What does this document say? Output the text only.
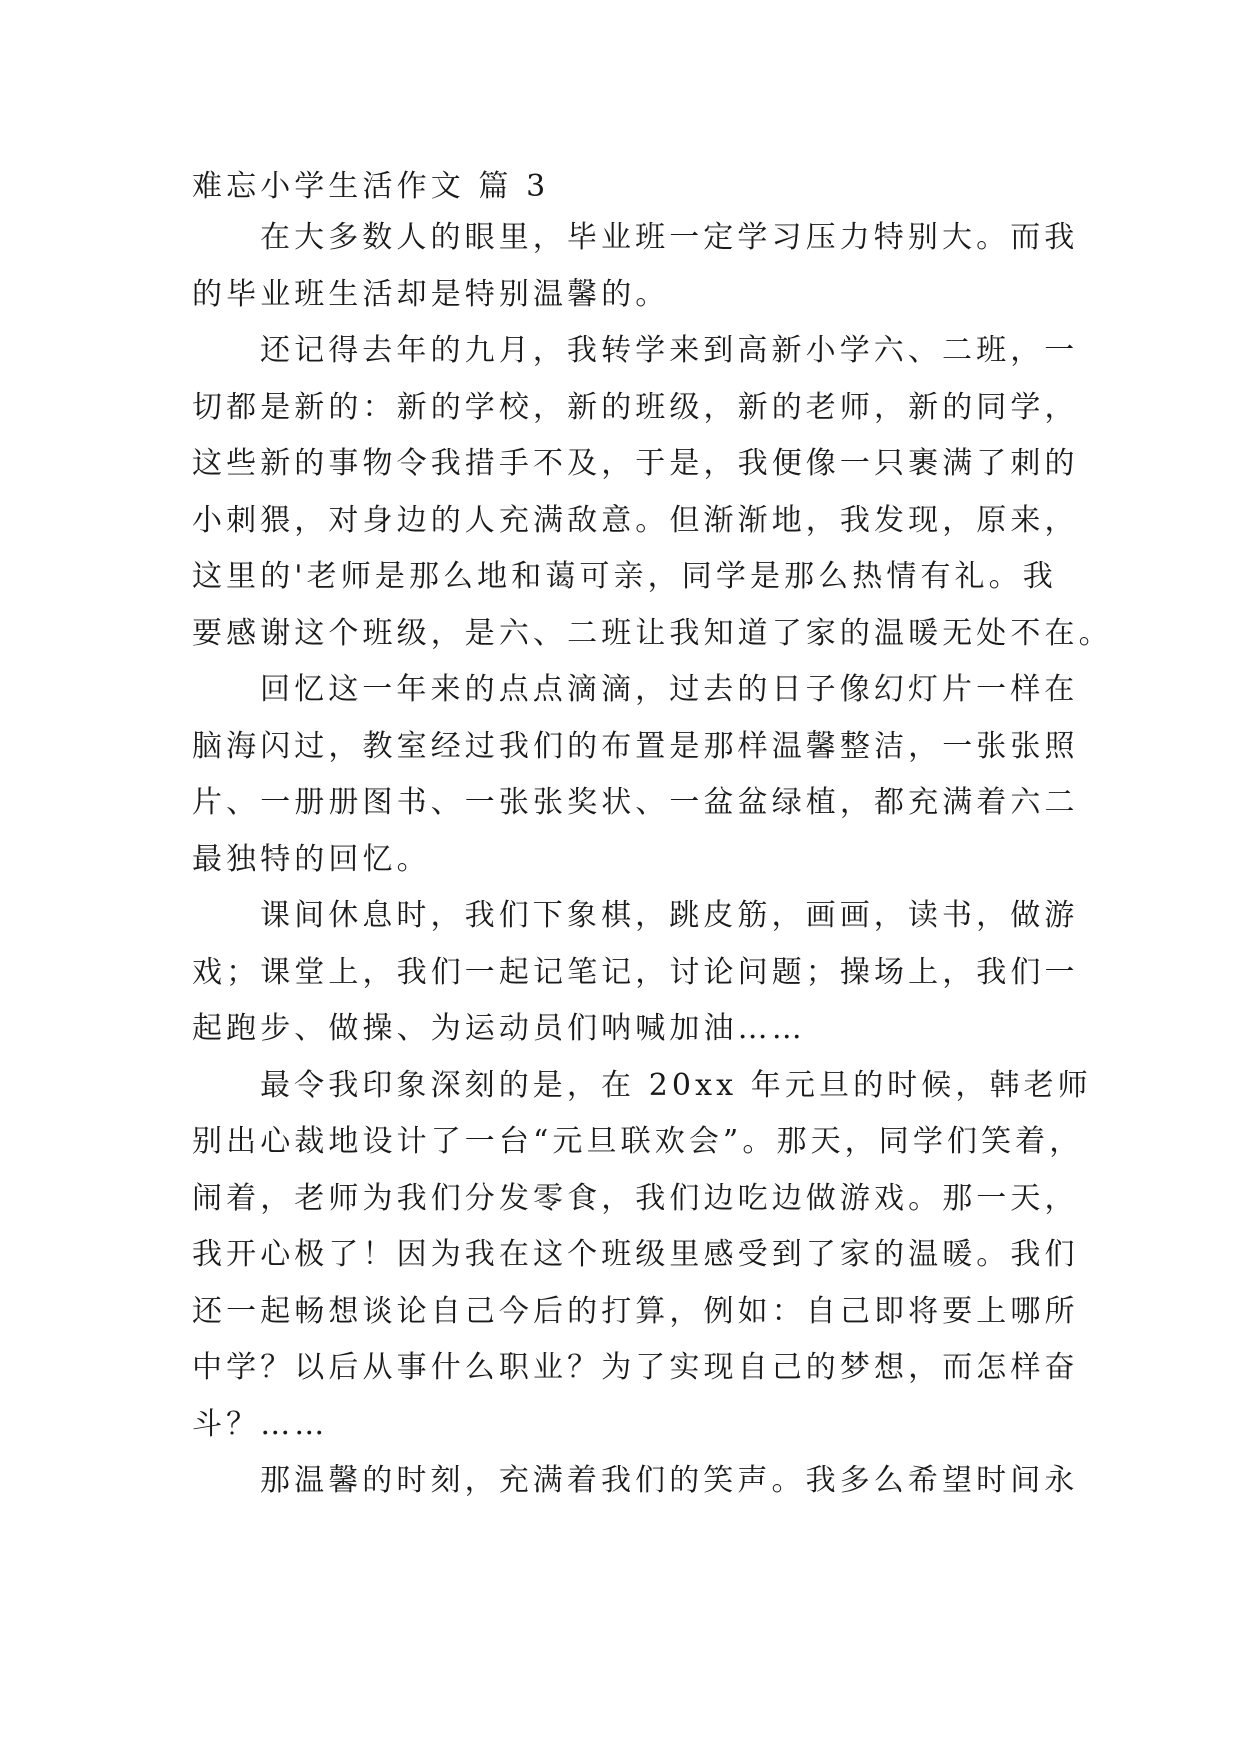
难忘小学生活作文 篇 3
在大多数人的眼里，毕业班一定学习压力特别大。而我
的毕业班生活却是特别温馨的。
还记得去年的九月，我转学来到高新小学六、二班，一
切都是新的：新的学校，新的班级，新的老师，新的同学，
这些新的事物令我措手不及，于是，我便像一只裹满了刺的
小刺猥，对身边的人充满敌意。但渐渐地，我发现，原来，
这里的'老师是那么地和蔼可亲，同学是那么热情有礼。我
要感谢这个班级，是六、二班让我知道了家的温暖无处不在。
回忆这一年来的点点滴滴，过去的日子像幻灯片一样在
脑海闪过，教室经过我们的布置是那样温馨整洁，一张张照
片、一册册图书、一张张奖状、一盆盆绿植，都充满着六二
最独特的回忆。
课间休息时，我们下象棋，跳皮筋，画画，读书，做游
戏；课堂上，我们一起记笔记，讨论问题；操场上，我们一
起跑步、做操、为运动员们呐喊加油……
最令我印象深刻的是，在 20xx 年元旦的时候，韩老师
别出心裁地设计了一台“元旦联欢会”。那天，同学们笑着，
闹着，老师为我们分发零食，我们边吃边做游戏。那一天，
我开心极了！因为我在这个班级里感受到了家的温暖。我们
还一起畅想谈论自己今后的打算，例如：自己即将要上哪所
中学？以后从事什么职业？为了实现自己的梦想，而怎样奋
斗？……
那温馨的时刻，充满着我们的笑声。我多么希望时间永
